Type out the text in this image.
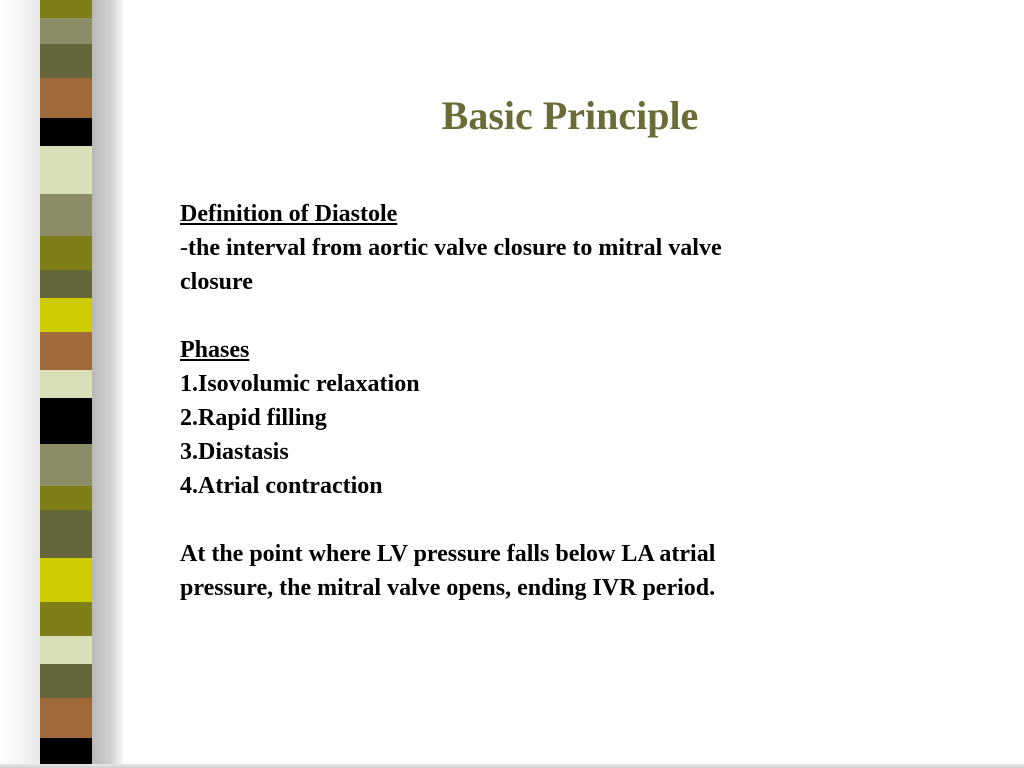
Basic Principle
Definition of Diastole
-the interval from aortic valve closure to mitral valve
closure
Phases
1.Isovolumic relaxation
2.Rapid filling
3.Diastasis
4.Atrial contraction
At the point where LV pressure falls below LA atrial
pressure, the mitral valve opens, ending IVR period.
